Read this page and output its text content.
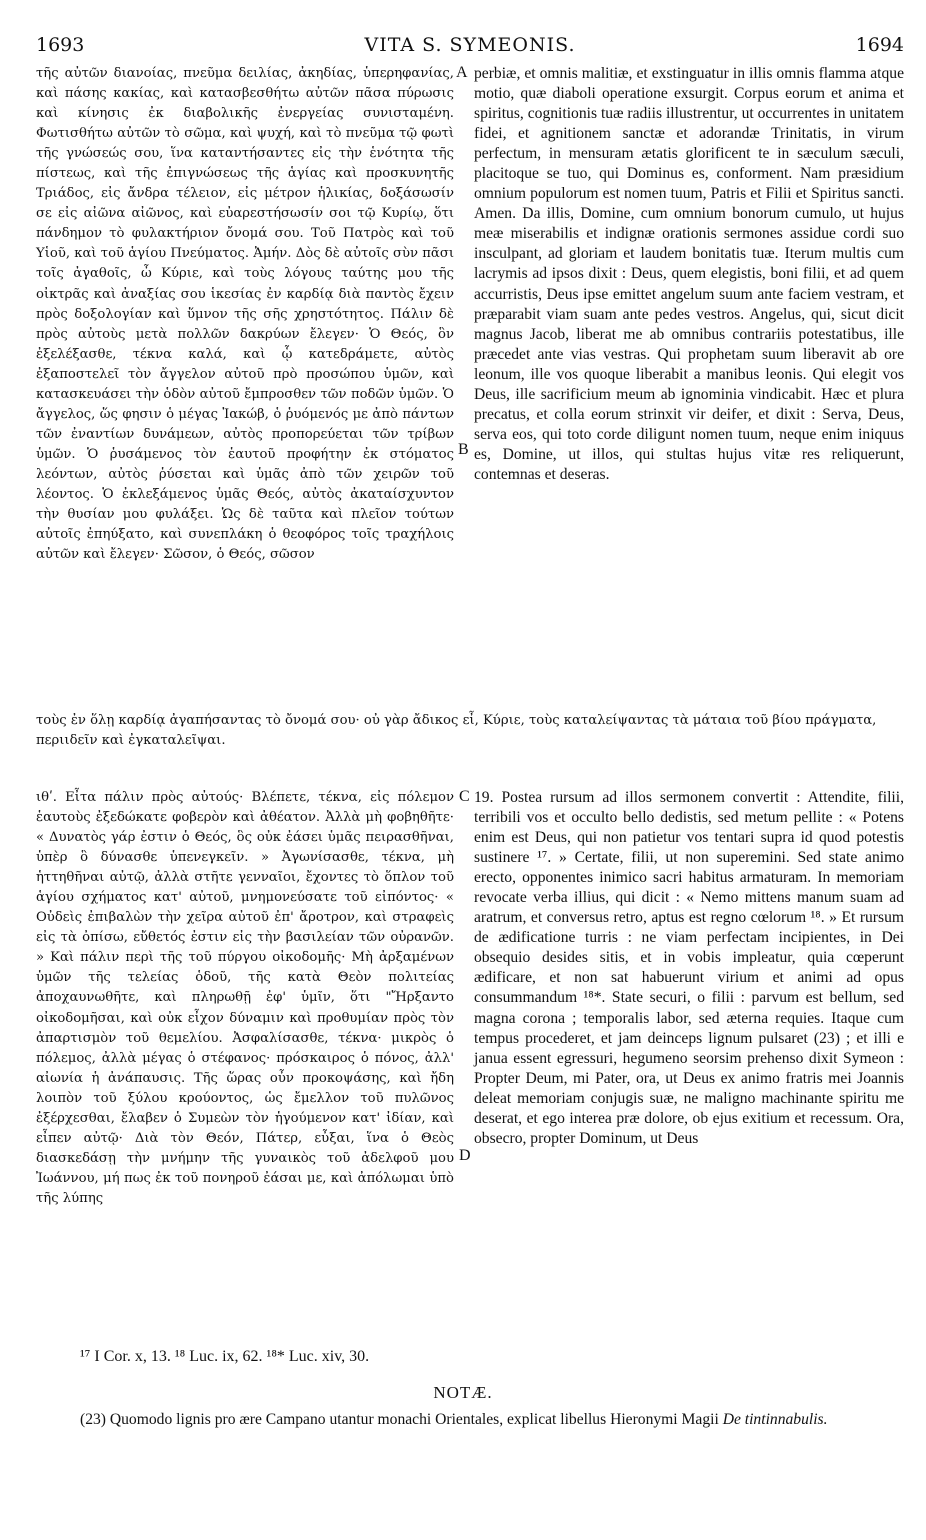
1693	VITA S. SYMEONIS.	1694

τῆς αὐτῶν διανοίας, πνεῦμα δειλίας, ἀκηδίας, ὑπερηφανίας, καὶ πάσης κακίας, καὶ κατασβεσθήτω αὐτῶν πᾶσα πύρωσις καὶ κίνησις ἐκ διαβολικῆς ἐνεργείας συνισταμένη. Φωτισθήτω αὐτῶν τὸ σῶμα, καὶ ψυχή, καὶ τὸ πνεῦμα τῷ φωτὶ τῆς γνώσεώς σου, ἵνα καταντήσαντες εἰς τὴν ἑνότητα τῆς πίστεως, καὶ τῆς ἐπιγνώσεως τῆς ἁγίας καὶ προσκυνητῆς Τριάδος, εἰς ἄνδρα τέλειον, εἰς μέτρον ἡλικίας, δοξάσωσίν σε εἰς αἰῶνα αἰῶνος, καὶ εὐαρεστήσωσίν σοι τῷ Κυρίῳ, ὅτι πάνδημον τὸ φυλακτήριον ὄνομά σου. Τοῦ Πατρὸς καὶ τοῦ Υἱοῦ, καὶ τοῦ ἁγίου Πνεύματος. Ἀμήν. Δὸς δὲ αὐτοῖς σὺν πᾶσι τοῖς ἀγαθοῖς, ὦ Κύριε, καὶ τοὺς λόγους ταύτης μου τῆς οἰκτρᾶς καὶ ἀναξίας σου ἱκεσίας ἐν καρδίᾳ διὰ παντὸς ἔχειν πρὸς δοξολογίαν καὶ ὕμνον τῆς σῆς χρηστότητος. Πάλιν δὲ πρὸς αὐτοὺς μετὰ πολλῶν δακρύων ἔλεγεν· Ὁ Θεός, ὃν ἐξελέξασθε, τέκνα καλά, καὶ ᾧ κατεδράμετε, αὐτὸς ἐξαποστελεῖ τὸν ἄγγελον αὐτοῦ πρὸ προσώπου ὑμῶν, καὶ κατασκευάσει τὴν ὁδὸν αὐτοῦ ἔμπροσθεν τῶν ποδῶν ὑμῶν. Ὁ ἄγγελος, ὥς φησιν ὁ μέγας Ἰακώβ, ὁ ῥυόμενός με ἀπὸ πάντων τῶν ἐναντίων δυνάμεων, αὐτὸς προπορεύεται τῶν τρίβων ὑμῶν. Ὁ ῥυσάμενος τὸν ἑαυτοῦ προφήτην ἐκ στόματος λεόντων, αὐτὸς ῥύσεται καὶ ὑμᾶς ἀπὸ τῶν χειρῶν τοῦ λέοντος. Ὁ ἐκλεξάμενος ὑμᾶς Θεός, αὐτὸς ἀκαταίσχυντον τὴν θυσίαν μου φυλάξει. Ὡς δὲ ταῦτα καὶ πλεῖον τούτων αὐτοῖς ἐπηύξατο, καὶ συνεπλάκη ὁ θεοφόρος τοῖς τραχήλοις αὐτῶν καὶ ἔλεγεν· Σῶσον, ὁ Θεός, σῶσον

perbiæ, et omnis malitiæ, et exstinguatur in illis omnis flamma atque motio, quæ diaboli operatione exsurgit. Corpus eorum et anima et spiritus, cognitionis tuæ radiis illustrentur, ut occurrentes in unitatem fidei, et agnitionem sanctæ et adorandæ Trinitatis, in virum perfectum, in mensuram ætatis glorificent te in sæculum sæculi, placitoque se tuo, qui Dominus es, conforment. Nam præsidium omnium populorum est nomen tuum, Patris et Filii et Spiritus sancti. Amen. Da illis, Domine, cum omnium bonorum cumulo, ut hujus meæ miserabilis et indignæ orationis sermones assidue cordi suo insculpant, ad gloriam et laudem bonitatis tuæ. Iterum multis cum lacrymis ad ipsos dixit : Deus, quem elegistis, boni filii, et ad quem accurristis, Deus ipse emittet angelum suum ante faciem vestram, et præparabit viam suam ante pedes vestros. Angelus, qui, sicut dicit magnus Jacob, liberat me ab omnibus contrariis potestatibus, ille præcedet ante vias vestras. Qui prophetam suum liberavit ab ore leonum, ille vos quoque liberabit a manibus leonis. Qui elegit vos Deus, ille sacrificium meum ab ignominia vindicabit. Hæc et plura precatus, et colla eorum strinxit vir deifer, et dixit : Serva, Deus, serva eos, qui toto corde diligunt nomen tuum, neque enim iniquus es, Domine, ut illos, qui stultas hujus vitæ res reliquerunt, contemnas et deseras.

τοὺς ἐν ὅλῃ καρδίᾳ ἀγαπήσαντας τὸ ὄνομά σου· οὐ γὰρ ἄδικος εἶ, Κύριε, τοὺς καταλείψαντας τὰ μάταια τοῦ βίου πράγματα, περιιδεῖν καὶ ἐγκαταλεῖψαι.

ιθʹ. Εἶτα πάλιν πρὸς αὐτούς· Βλέπετε, τέκνα, εἰς πόλεμον ἑαυτοὺς ἐξεδώκατε φοβερὸν καὶ ἀθέατον. Ἀλλὰ μὴ φοβηθῆτε· « Δυνατὸς γάρ ἐστιν ὁ Θεός, ὃς οὐκ ἐάσει ὑμᾶς πειρασθῆναι, ὑπὲρ ὃ δύνασθε ὑπενεγκεῖν. » Ἀγωνίσασθε, τέκνα, μὴ ἡττηθῆναι αὐτῷ, ἀλλὰ στῆτε γενναῖοι, ἔχοντες τὸ ὅπλον τοῦ ἁγίου σχήματος κατ' αὐτοῦ, μνημονεύσατε τοῦ εἰπόντος· « Οὐδεὶς ἐπιβαλὼν τὴν χεῖρα αὐτοῦ ἐπ' ἄροτρον, καὶ στραφεὶς εἰς τὰ ὀπίσω, εὔθετός ἐστιν εἰς τὴν βασιλείαν τῶν οὐρανῶν. » Καὶ πάλιν περὶ τῆς τοῦ πύργου οἰκοδομῆς· Μὴ ἀρξαμένων ὑμῶν τῆς τελείας ὁδοῦ, τῆς κατὰ Θεὸν πολιτείας ἀποχαυνωθῆτε, καὶ πληρωθῇ ἐφ' ὑμῖν, ὅτι "Ἤρξαντο οἰκοδομῆσαι, καὶ οὐκ εἶχον δύναμιν καὶ προθυμίαν πρὸς τὸν ἀπαρτισμὸν τοῦ θεμελίου. Ἀσφαλίσασθε, τέκνα· μικρὸς ὁ πόλεμος, ἀλλὰ μέγας ὁ στέφανος· πρόσκαιρος ὁ πόνος, ἀλλ' αἰωνία ἡ ἀνάπαυσις. Τῆς ὥρας οὖν προκοψάσης, καὶ ἤδη λοιπὸν τοῦ ξύλου κρούοντος, ὡς ἔμελλον τοῦ πυλῶνος ἐξέρχεσθαι, ἔλαβεν ὁ Συμεὼν τὸν ἡγούμενον κατ' ἰδίαν, καὶ εἶπεν αὐτῷ· Διὰ τὸν Θεόν, Πάτερ, εὖξαι, ἵνα ὁ Θεὸς διασκεδάσῃ τὴν μνήμην τῆς γυναικὸς τοῦ ἀδελφοῦ μου Ἰωάννου, μή πως ἐκ τοῦ πονηροῦ ἐάσαι με, καὶ ἀπόλωμαι ὑπὸ τῆς λύπης

19. Postea rursum ad illos sermonem convertit : Attendite, filii, terribili vos et occulto bello dedistis, sed metum pellite : « Potens enim est Deus, qui non patietur vos tentari supra id quod potestis sustinere ¹⁷. » Certate, filii, ut non superemini. Sed state animo erecto, opponentes inimico sacri habitus armaturam. In memoriam revocate verba illius, qui dicit : « Nemo mittens manum suam ad aratrum, et conversus retro, aptus est regno cœlorum ¹⁸. » Et rursum de ædificatione turris : ne viam perfectam incipientes, in Dei obsequio desides sitis, et in vobis impleatur, quia cœperunt ædificare, et non sat habuerunt virium et animi ad opus consummandum ¹⁸*. State securi, o filii : parvum est bellum, sed magna corona ; temporalis labor, sed æterna requies. Itaque cum tempus procederet, et jam deinceps lignum pulsaret (23) ; et illi e janua essent egressuri, hegumeno seorsim prehenso dixit Symeon : Propter Deum, mi Pater, ora, ut Deus ex animo fratris mei Joannis deleat memoriam conjugis suæ, ne maligno machinante spiritu me deserat, et ego interea præ dolore, ob ejus exitium et recessum. Ora, obsecro, propter Dominum, ut Deus

A
B
C
D
¹⁷ I Cor. x, 13. ¹⁸ Luc. ix, 62. ¹⁸* Luc. xiv, 30.
NOTÆ.
(23) Quomodo lignis pro ære Campano utantur monachi Orientales, explicat libellus Hieronymi Magii De tintinnabulis.
